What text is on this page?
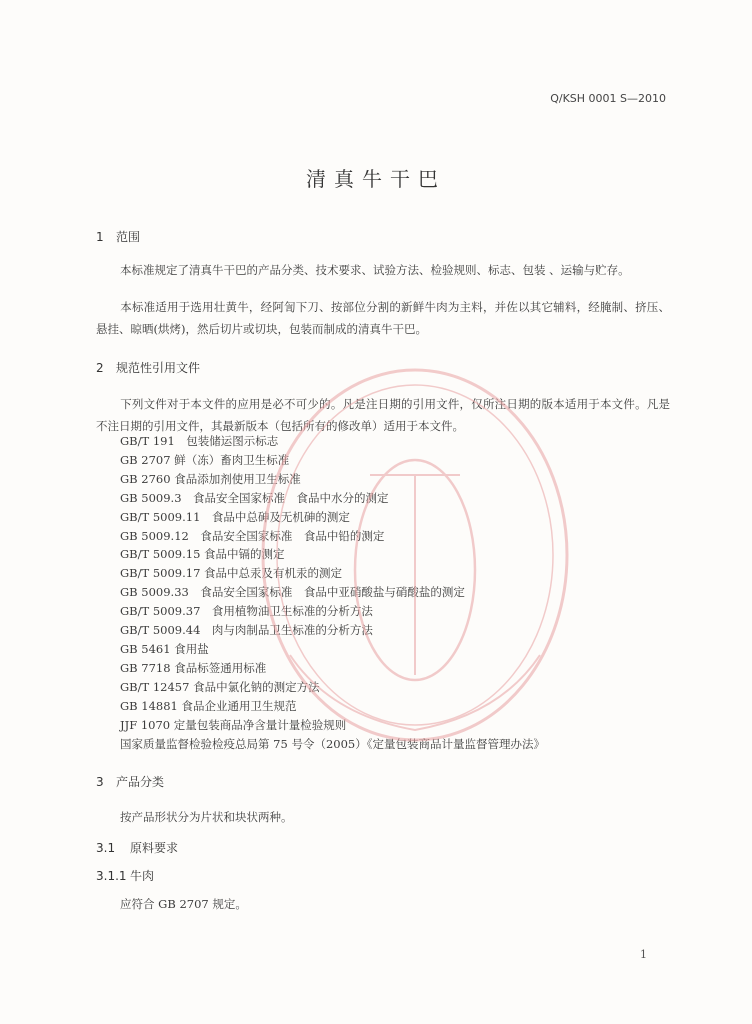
Q/KSH 0001 S—2010
清真牛干巴
1 范围
本标准规定了清真牛干巴的产品分类、技术要求、试验方法、检验规则、标志、包装 、运输与贮存。
本标准适用于选用壮黄牛，经阿訇下刀、按部位分割的新鲜牛肉为主料，并佐以其它辅料，经腌制、挤压、悬挂、晾晒(烘烤)，然后切片或切块，包装而制成的清真牛干巴。
2 规范性引用文件
下列文件对于本文件的应用是必不可少的。凡是注日期的引用文件，仅所注日期的版本适用于本文件。凡是不注日期的引用文件，其最新版本（包括所有的修改单）适用于本文件。
GB/T 191　包装储运图示标志
GB 2707 鲜（冻）畜肉卫生标准
GB 2760 食品添加剂使用卫生标准
GB 5009.3　食品安全国家标准　食品中水分的测定
GB/T 5009.11　食品中总砷及无机砷的测定
GB 5009.12　食品安全国家标准　食品中铅的测定
GB/T 5009.15 食品中镉的测定
GB/T 5009.17 食品中总汞及有机汞的测定
GB 5009.33　食品安全国家标准　食品中亚硝酸盐与硝酸盐的测定
GB/T 5009.37　食用植物油卫生标准的分析方法
GB/T 5009.44　肉与肉制品卫生标准的分析方法
GB 5461 食用盐
GB 7718 食品标签通用标准
GB/T 12457 食品中氯化钠的测定方法
GB 14881 食品企业通用卫生规范
JJF 1070 定量包装商品净含量计量检验规则
国家质量监督检验检疫总局第 75 号令（2005）《定量包装商品计量监督管理办法》
3 产品分类
按产品形状分为片状和块状两种。
3.1 原料要求
3.1.1 牛肉
应符合 GB 2707 规定。
1
